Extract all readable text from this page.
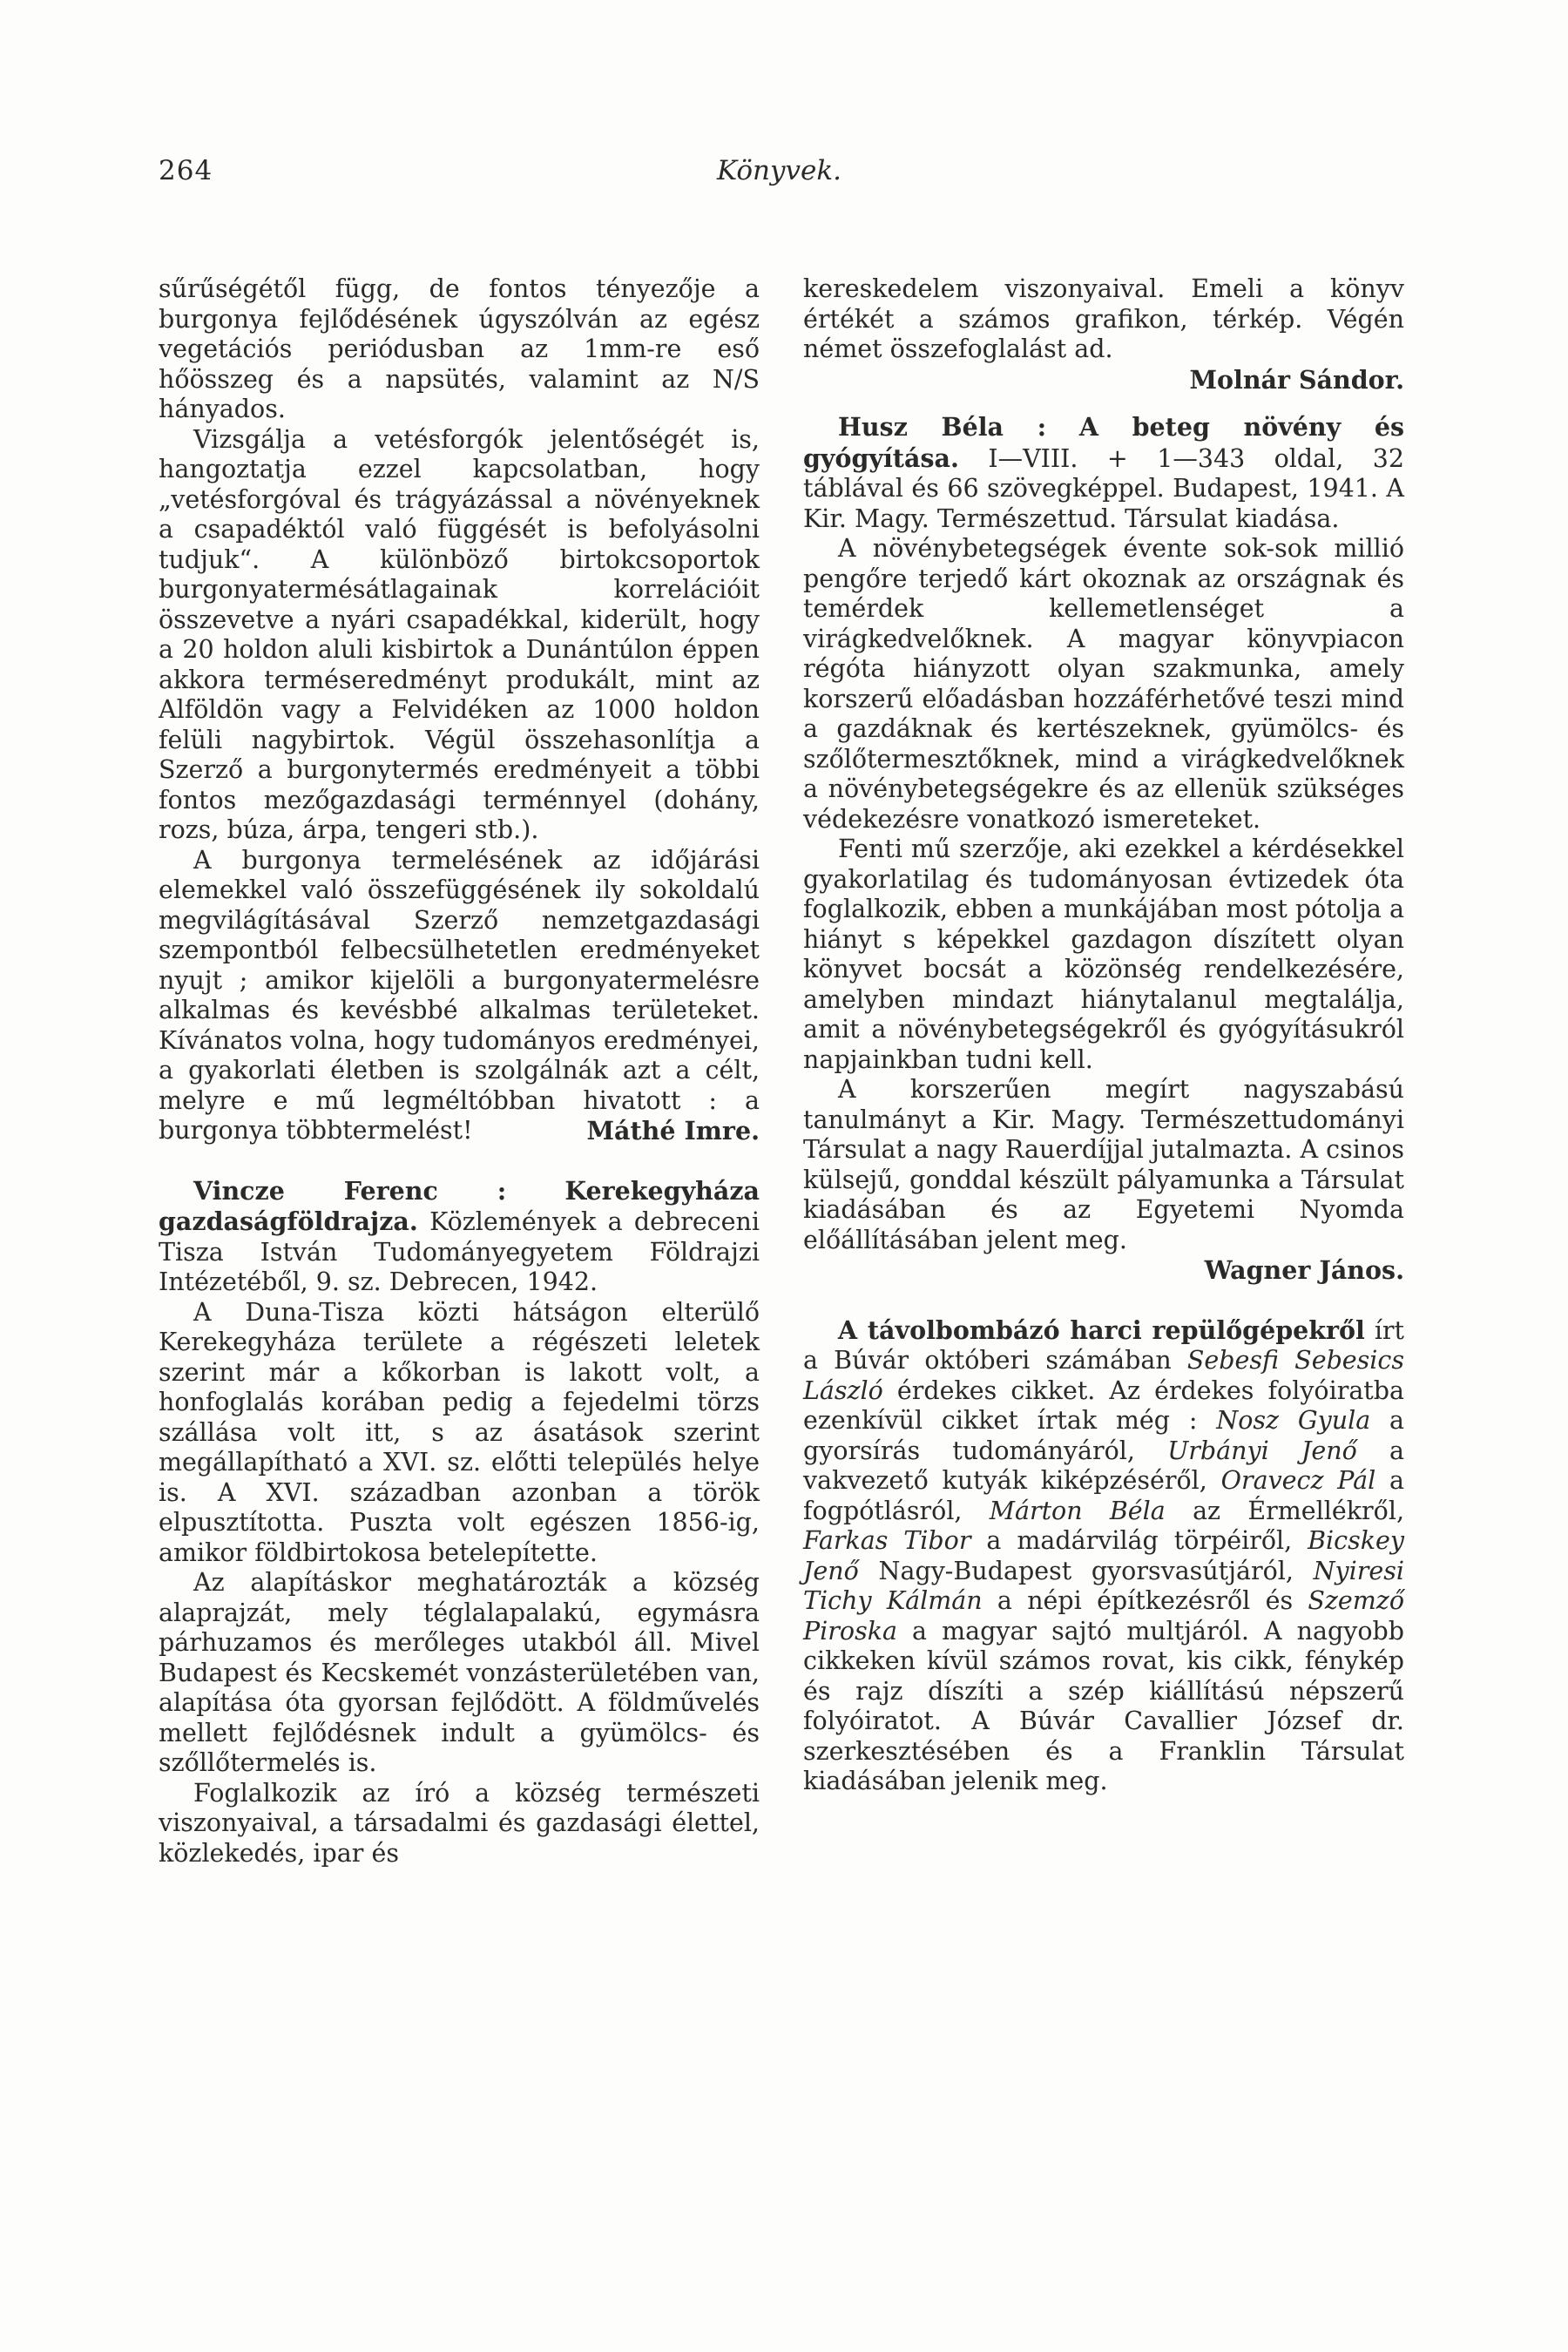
264	Könyvek.

sűrűségétől függ, de fontos tényezője a burgonya fejlődésének úgyszólván az egész vegetációs periódusban az 1mm-re eső hőösszeg és a napsütés, valamint az N/S hányados.

Vizsgálja a vetésforgók jelentőségét is, hangoztatja ezzel kapcsolatban, hogy „vetésforgóval és trágyázással a növényeknek a csapadéktól való függését is befolyásolni tudjuk“. A különböző birtokcsoportok burgonyatermésátlagainak korrelációit összevetve a nyári csapadékkal, kiderült, hogy a 20 holdon aluli kisbirtok a Dunántúlon éppen akkora terméseredményt produkált, mint az Alföldön vagy a Felvidéken az 1000 holdon felüli nagybirtok. Végül összehasonlítja a Szerző a burgonytermés eredményeit a többi fontos mezőgazdasági terménnyel (dohány, rozs, búza, árpa, tengeri stb.).

A burgonya termelésének az időjárási elemekkel való összefüggésének ily sokoldalú megvilágításával Szerző nemzetgazdasági szempontból felbecsülhetetlen eredményeket nyujt ; amikor kijelöli a burgonyatermelésre alkalmas és kevésbbé alkalmas területeket. Kívánatos volna, hogy tudományos eredményei, a gyakorlati életben is szolgálnák azt a célt, melyre e mű legméltóbban hivatott : a burgonya többtermelést!	Máthé Imre.

Vincze Ferenc : Kerekegyháza gazdaságföldrajza. Közlemények a debreceni Tisza István Tudományegyetem Földrajzi Intézetéből, 9. sz. Debrecen, 1942.

A Duna-Tisza közti hátságon elterülő Kerekegyháza területe a régészeti leletek szerint már a kőkorban is lakott volt, a honfoglalás korában pedig a fejedelmi törzs szállása volt itt, s az ásatások szerint megállapítható a XVI. sz. előtti település helye is. A XVI. században azonban a török elpusztította. Puszta volt egészen 1856-ig, amikor földbirtokosa betelepítette.

Az alapításkor meghatározták a község alaprajzát, mely téglalapalakú, egymásra párhuzamos és merőleges utakból áll. Mivel Budapest és Kecskemét vonzásterületében van, alapítása óta gyorsan fejlődött. A földművelés mellett fejlődésnek indult a gyümölcs- és szőllőtermelés is.

Foglalkozik az író a község természeti viszonyaival, a társadalmi és gazdasági élettel, közlekedés, ipar és

kereskedelem viszonyaival. Emeli a könyv értékét a számos grafikon, térkép. Végén német összefoglalást ad.

Molnár Sándor.

Husz Béla : A beteg növény és gyógyítása. I—VIII. + 1—343 oldal, 32 táblával és 66 szövegképpel. Budapest, 1941. A Kir. Magy. Természettud. Társulat kiadása.

A növénybetegségek évente sok-sok millió pengőre terjedő kárt okoznak az országnak és temérdek kellemetlenséget a virágkedvelőknek. A magyar könyvpiacon régóta hiányzott olyan szakmunka, amely korszerű előadásban hozzáférhetővé teszi mind a gazdáknak és kertészeknek, gyümölcs- és szőlőtermesztőknek, mind a virágkedvelőknek a növénybetegségekre és az ellenük szükséges védekezésre vonatkozó ismereteket.

Fenti mű szerzője, aki ezekkel a kérdésekkel gyakorlatilag és tudományosan évtizedek óta foglalkozik, ebben a munkájában most pótolja a hiányt s képekkel gazdagon díszített olyan könyvet bocsát a közönség rendelkezésére, amelyben mindazt hiánytalanul megtalálja, amit a növénybetegségekről és gyógyításukról napjainkban tudni kell.

A korszerűen megírt nagyszabású tanulmányt a Kir. Magy. Természettudományi Társulat a nagy Rauerdíjjal jutalmazta. A csinos külsejű, gonddal készült pályamunka a Társulat kiadásában és az Egyetemi Nyomda előállításában jelent meg.

Wagner János.

A távolbombázó harci repülőgépekről írt a Búvár októberi számában Sebesfi Sebesics László érdekes cikket. Az érdekes folyóiratba ezenkívül cikket írtak még : Nosz Gyula a gyorsírás tudományáról, Urbányi Jenő a vakvezető kutyák kiképzéséről, Oravecz Pál a fogpótlásról, Márton Béla az Érmellékről, Farkas Tibor a madárvilág törpéiről, Bicskey Jenő Nagy-Budapest gyorsvasútjáról, Nyiresi Tichy Kálmán a népi építkezésről és Szemző Piroska a magyar sajtó multjáról. A nagyobb cikkeken kívül számos rovat, kis cikk, fénykép és rajz díszíti a szép kiállítású népszerű folyóiratot. A Búvár Cavallier József dr. szerkesztésében és a Franklin Társulat kiadásában jelenik meg.
